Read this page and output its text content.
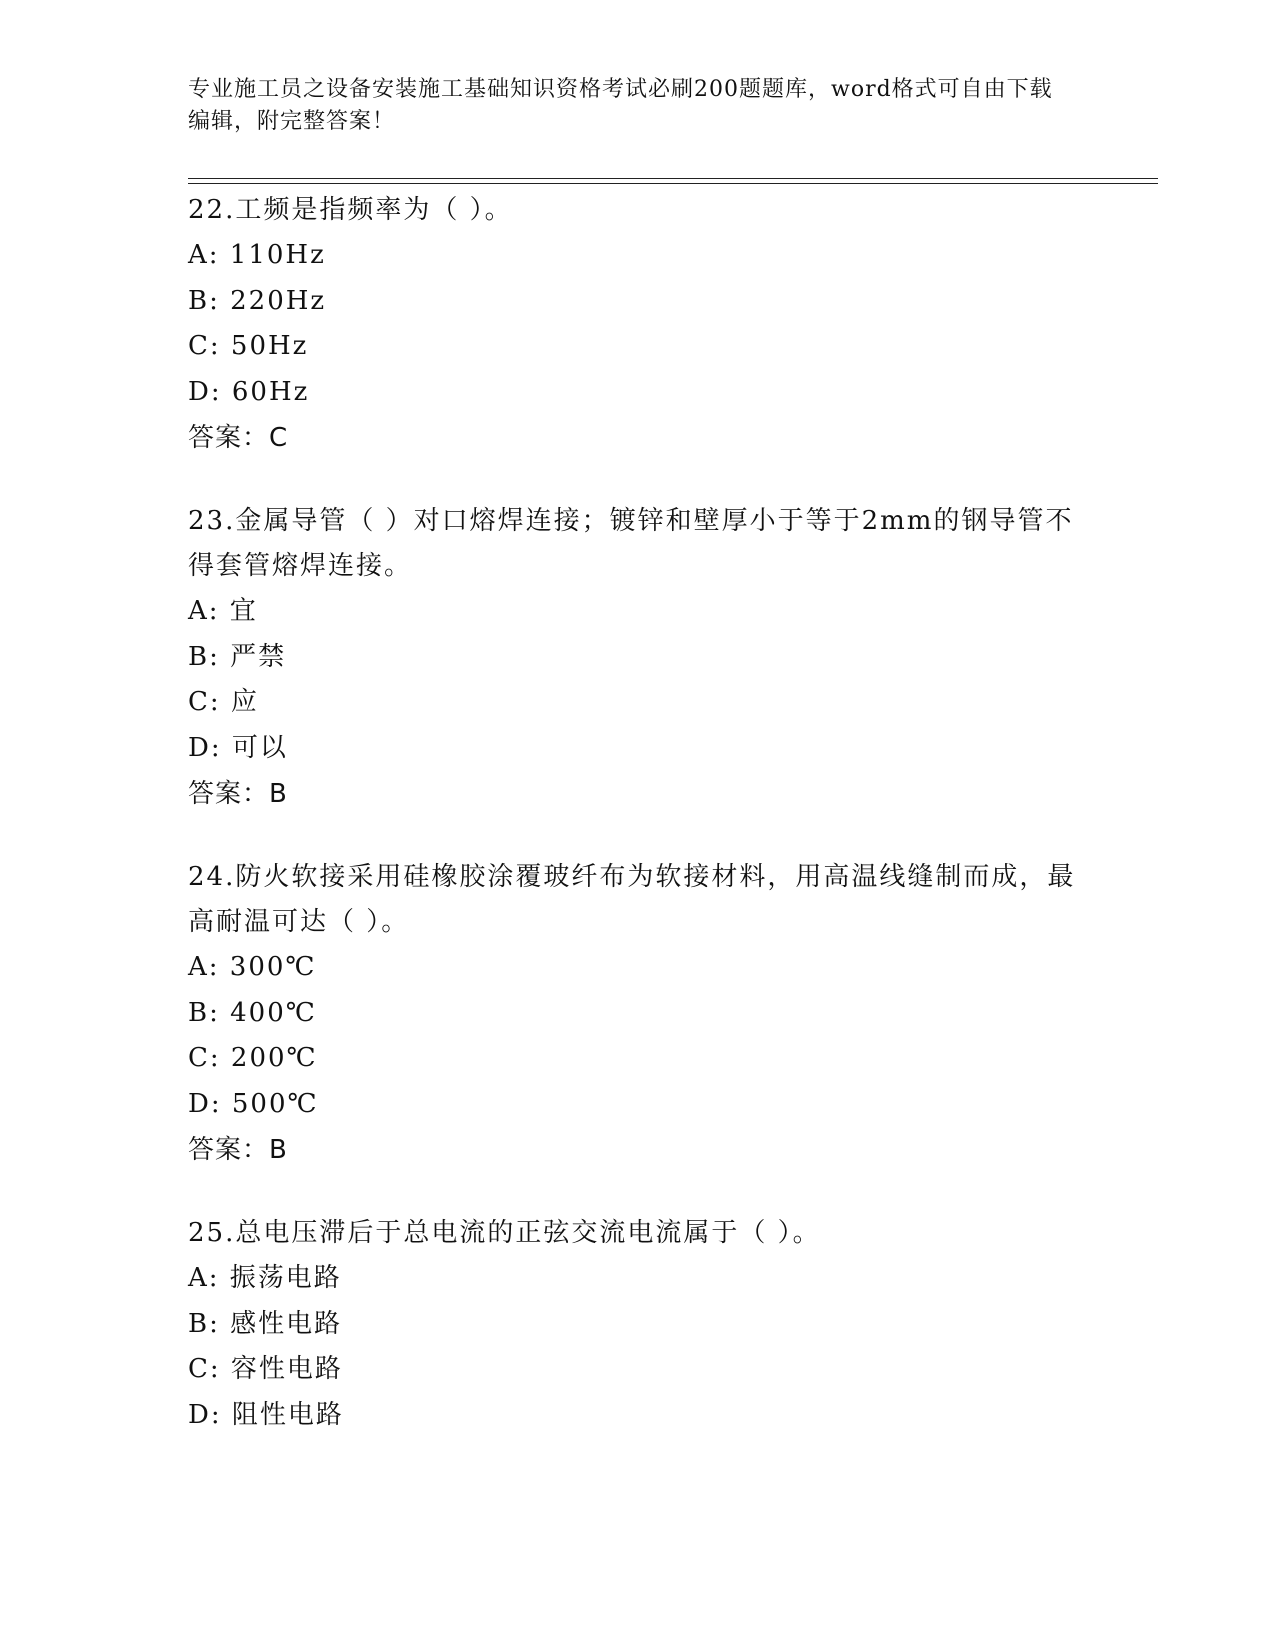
专业施工员之设备安装施工基础知识资格考试必刷200题题库，word格式可自由下载编辑，附完整答案！
22.工频是指频率为（ ）。
A: 110Hz
B: 220Hz
C: 50Hz
D: 60Hz
答案：C
23.金属导管（ ）对口熔焊连接；镀锌和壁厚小于等于2mm的钢导管不得套管熔焊连接。
A: 宜
B: 严禁
C: 应
D: 可以
答案：B
24.防火软接采用硅橡胶涂覆玻纤布为软接材料，用高温线缝制而成，最高耐温可达（ ）。
A: 300℃
B: 400℃
C: 200℃
D: 500℃
答案：B
25.总电压滞后于总电流的正弦交流电流属于（ ）。
A: 振荡电路
B: 感性电路
C: 容性电路
D: 阻性电路
